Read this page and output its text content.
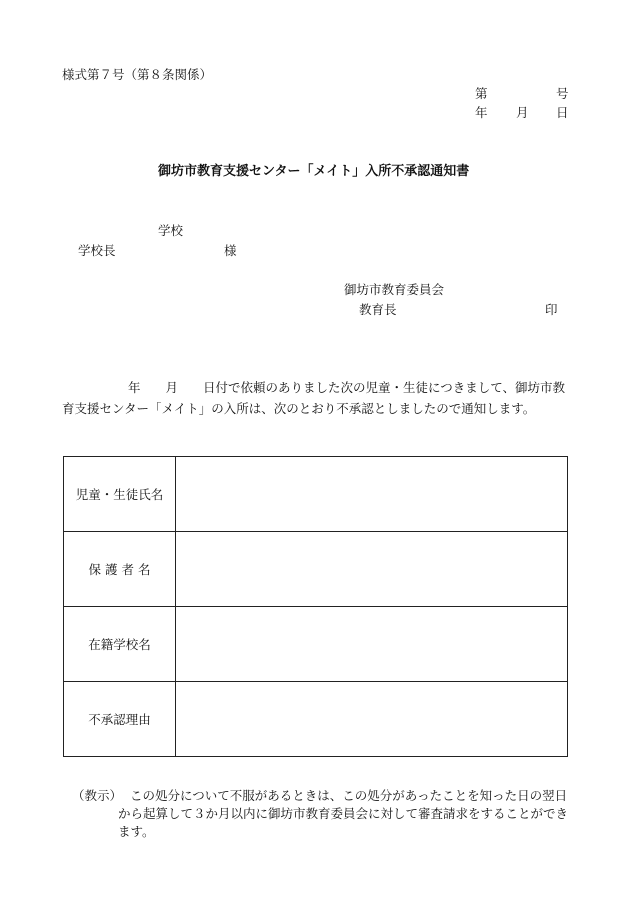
様式第７号（第８条関係）
第	号
年 月 日
御坊市教育支援センター「メイト」入所不承認通知書
学校
学校長	様
御坊市教育委員会
教育長	印
年　　月　　日付で依頼のありました次の児童・生徒につきまして、御坊市教育支援センター「メイト」の入所は、次のとおり不承認としましたので通知します。
児童・生徒氏名	
保 護 者 名	
在籍学校名	
不承認理由	
（教示） この処分について不服があるときは、この処分があったことを知った日の翌日から起算して３か月以内に御坊市教育委員会に対して審査請求をすることができます。
